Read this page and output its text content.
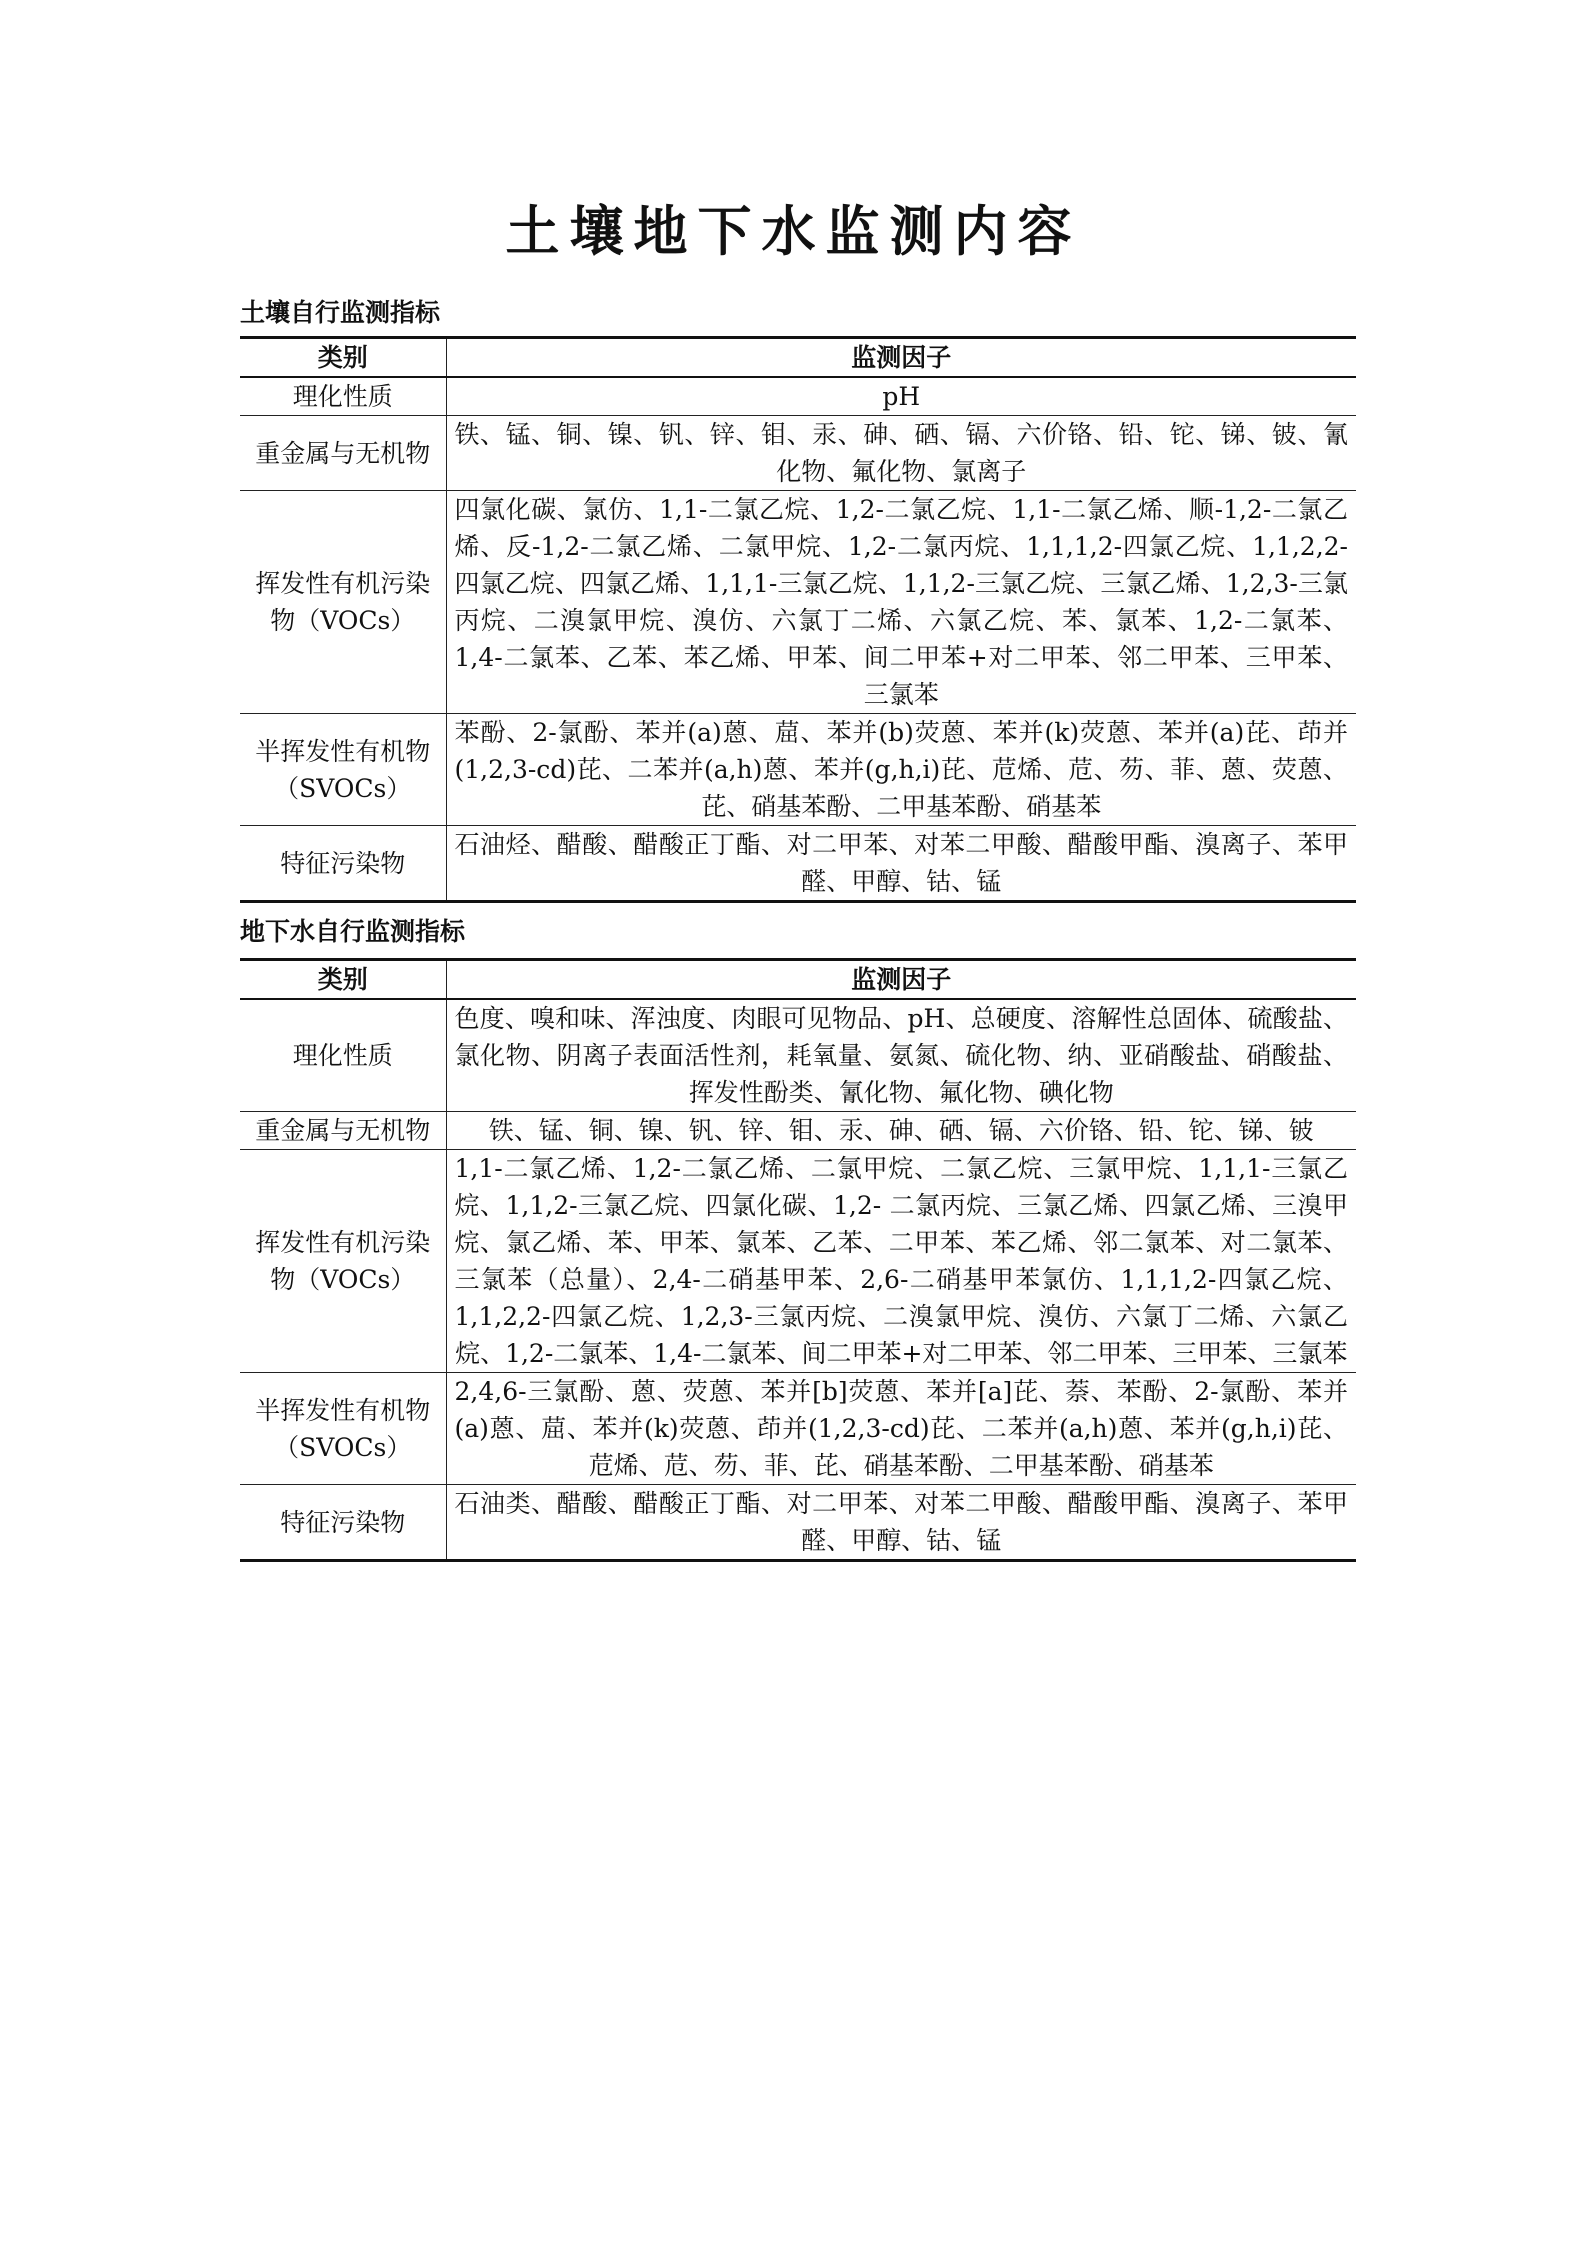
土壤地下水监测内容
土壤自行监测指标
类别	监测因子
理化性质	pH
重金属与无机物	铁、锰、铜、镍、钒、锌、钼、汞、砷、硒、镉、六价铬、铅、铊、锑、铍、氰化物、氟化物、氯离子
挥发性有机污染物（VOCs）	四氯化碳、氯仿、1,1-二氯乙烷、1,2-二氯乙烷、1,1-二氯乙烯、顺-1,2-二氯乙烯、反-1,2-二氯乙烯、二氯甲烷、1,2-二氯丙烷、1,1,1,2-四氯乙烷、1,1,2,2-四氯乙烷、四氯乙烯、1,1,1-三氯乙烷、1,1,2-三氯乙烷、三氯乙烯、1,2,3-三氯丙烷、二溴氯甲烷、溴仿、六氯丁二烯、六氯乙烷、苯、氯苯、1,2-二氯苯、1,4-二氯苯、乙苯、苯乙烯、甲苯、间二甲苯+对二甲苯、邻二甲苯、三甲苯、三氯苯
半挥发性有机物（SVOCs）	苯酚、2-氯酚、苯并(a)蒽、䓛、苯并(b)荧蒽、苯并(k)荧蒽、苯并(a)芘、茚并(1,2,3-cd)芘、二苯并(a,h)蒽、苯并(g,h,i)芘、苊烯、苊、芴、菲、蒽、荧蒽、芘、硝基苯酚、二甲基苯酚、硝基苯
特征污染物	石油烃、醋酸、醋酸正丁酯、对二甲苯、对苯二甲酸、醋酸甲酯、溴离子、苯甲醛、甲醇、钴、锰
地下水自行监测指标
类别	监测因子
理化性质	色度、嗅和味、浑浊度、肉眼可见物品、pH、总硬度、溶解性总固体、硫酸盐、氯化物、阴离子表面活性剂，耗氧量、氨氮、硫化物、纳、亚硝酸盐、硝酸盐、挥发性酚类、氰化物、氟化物、碘化物
重金属与无机物	铁、锰、铜、镍、钒、锌、钼、汞、砷、硒、镉、六价铬、铅、铊、锑、铍
挥发性有机污染物（VOCs）	1,1-二氯乙烯、1,2-二氯乙烯、二氯甲烷、二氯乙烷、三氯甲烷、1,1,1-三氯乙烷、1,1,2-三氯乙烷、四氯化碳、1,2- 二氯丙烷、三氯乙烯、四氯乙烯、三溴甲烷、氯乙烯、苯、甲苯、氯苯、乙苯、二甲苯、苯乙烯、邻二氯苯、对二氯苯、三氯苯（总量）、2,4-二硝基甲苯、2,6-二硝基甲苯氯仿、1,1,1,2-四氯乙烷、1,1,2,2-四氯乙烷、1,2,3-三氯丙烷、二溴氯甲烷、溴仿、六氯丁二烯、六氯乙烷、1,2-二氯苯、1,4-二氯苯、间二甲苯+对二甲苯、邻二甲苯、三甲苯、三氯苯
半挥发性有机物（SVOCs）	2,4,6-三氯酚、蒽、荧蒽、苯并[b]荧蒽、苯并[a]芘、萘、苯酚、2-氯酚、苯并(a)蒽、䓛、苯并(k)荧蒽、茚并(1,2,3-cd)芘、二苯并(a,h)蒽、苯并(g,h,i)芘、苊烯、苊、芴、菲、芘、硝基苯酚、二甲基苯酚、硝基苯
特征污染物	石油类、醋酸、醋酸正丁酯、对二甲苯、对苯二甲酸、醋酸甲酯、溴离子、苯甲醛、甲醇、钴、锰
